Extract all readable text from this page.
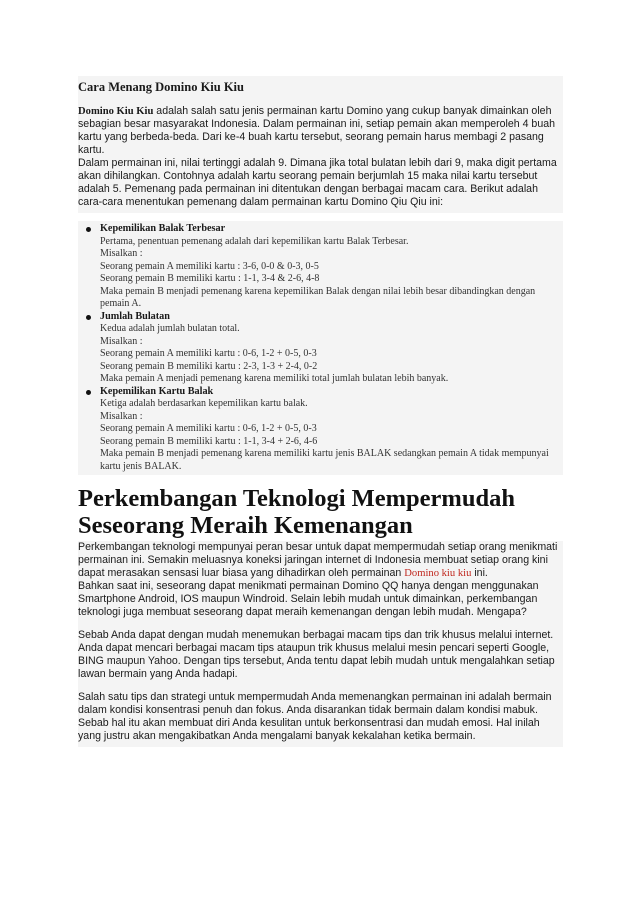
Cara Menang Domino Kiu Kiu

Domino Kiu Kiu adalah salah satu jenis permainan kartu Domino yang cukup banyak dimainkan oleh sebagian besar masyarakat Indonesia. Dalam permainan ini, setiap pemain akan memperoleh 4 buah kartu yang berbeda-beda. Dari ke-4 buah kartu tersebut, seorang pemain harus membagi 2 pasang kartu.

Dalam permainan ini, nilai tertinggi adalah 9. Dimana jika total bulatan lebih dari 9, maka digit pertama akan dihilangkan. Contohnya adalah kartu seorang pemain berjumlah 15 maka nilai kartu tersebut adalah 5. Pemenang pada permainan ini ditentukan dengan berbagai macam cara. Berikut adalah cara-cara menentukan pemenang dalam permainan kartu Domino Qiu Qiu ini:

Kepemilikan Balak Terbesar
Pertama, penentuan pemenang adalah dari kepemilikan kartu Balak Terbesar.
Misalkan :
Seorang pemain A memiliki kartu : 3-6, 0-0 & 0-3, 0-5
Seorang pemain B memiliki kartu : 1-1, 3-4 & 2-6, 4-8
Maka pemain B menjadi pemenang karena kepemilikan Balak dengan nilai lebih besar dibandingkan dengan pemain A.
Jumlah Bulatan
Kedua adalah jumlah bulatan total.
Misalkan :
Seorang pemain A memiliki kartu : 0-6, 1-2 + 0-5, 0-3
Seorang pemain B memiliki kartu : 2-3, 1-3 + 2-4, 0-2
Maka pemain A menjadi pemenang karena memiliki total jumlah bulatan lebih banyak.
Kepemilikan Kartu Balak
Ketiga adalah berdasarkan kepemilikan kartu balak.
Misalkan :
Seorang pemain A memiliki kartu : 0-6, 1-2 + 0-5, 0-3
Seorang pemain B memiliki kartu : 1-1, 3-4 + 2-6, 4-6
Maka pemain B menjadi pemenang karena memiliki kartu jenis BALAK sedangkan pemain A tidak mempunyai kartu jenis BALAK.
Perkembangan Teknologi Mempermudah Seseorang Meraih Kemenangan

Perkembangan teknologi mempunyai peran besar untuk dapat mempermudah setiap orang menikmati permainan ini. Semakin meluasnya koneksi jaringan internet di Indonesia membuat setiap orang kini dapat merasakan sensasi luar biasa yang dihadirkan oleh permainan Domino kiu kiu ini.

Bahkan saat ini, seseorang dapat menikmati permainan Domino QQ hanya dengan menggunakan Smartphone Android, IOS maupun Windroid. Selain lebih mudah untuk dimainkan, perkembangan teknologi juga membuat seseorang dapat meraih kemenangan dengan lebih mudah. Mengapa?

Sebab Anda dapat dengan mudah menemukan berbagai macam tips dan trik khusus melalui internet. Anda dapat mencari berbagai macam tips ataupun trik khusus melalui mesin pencari seperti Google, BING maupun Yahoo. Dengan tips tersebut, Anda tentu dapat lebih mudah untuk mengalahkan setiap lawan bermain yang Anda hadapi.

Salah satu tips dan strategi untuk mempermudah Anda memenangkan permainan ini adalah bermain dalam kondisi konsentrasi penuh dan fokus. Anda disarankan tidak bermain dalam kondisi mabuk. Sebab hal itu akan membuat diri Anda kesulitan untuk berkonsentrasi dan mudah emosi. Hal inilah yang justru akan mengakibatkan Anda mengalami banyak kekalahan ketika bermain.
